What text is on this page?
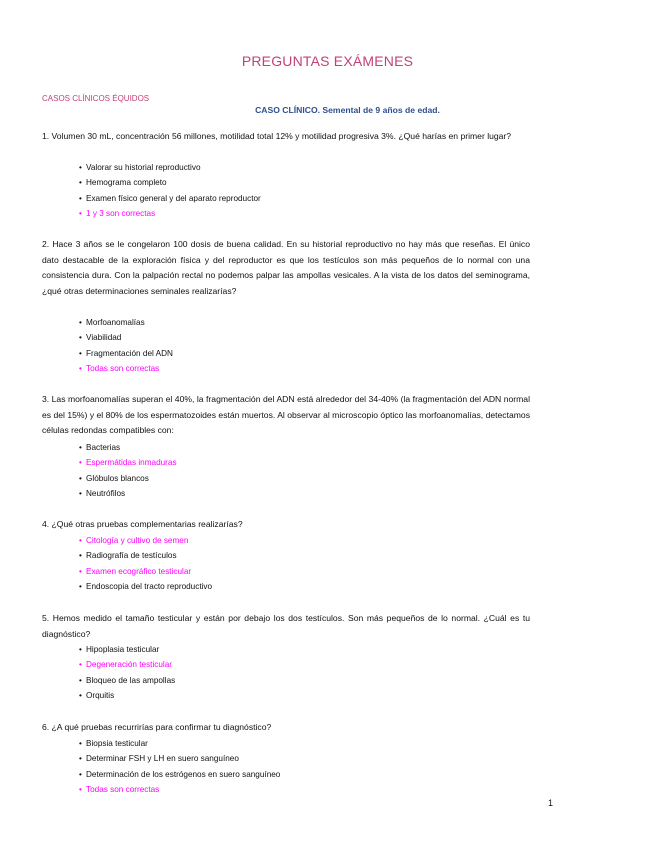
PREGUNTAS EXÁMENES
CASOS CLÍNICOS ÉQUIDOS
CASO CLÍNICO. Semental de 9 años de edad.
1. Volumen 30 mL, concentración 56 millones, motilidad total 12% y motilidad progresiva 3%. ¿Qué harías en primer lugar?
• Valorar su historial reproductivo
• Hemograma completo
• Examen físico general y del aparato reproductor
• 1 y 3 son correctas
2. Hace 3 años se le congelaron 100 dosis de buena calidad. En su historial reproductivo no hay más que reseñas. El único dato destacable de la exploración física y del reproductor es que los testículos son más pequeños de lo normal con una consistencia dura. Con la palpación rectal no podemos palpar las ampollas vesicales. A la vista de los datos del seminograma, ¿qué otras determinaciones seminales realizarías?
• Morfoanomalías
• Viabilidad
• Fragmentación del ADN
• Todas son correctas
3. Las morfoanomalías superan el 40%, la fragmentación del ADN está alrededor del 34-40% (la fragmentación del ADN normal es del 15%) y el 80% de los espermatozoides están muertos. Al observar al microscopio óptico las morfoanomalías, detectamos células redondas compatibles con:
• Bacterias
• Espermátidas inmaduras
• Glóbulos blancos
• Neutrófilos
4. ¿Qué otras pruebas complementarias realizarías?
• Citología y cultivo de semen
• Radiografía de testículos
• Examen ecográfico testicular
• Endoscopia del tracto reproductivo
5. Hemos medido el tamaño testicular y están por debajo los dos testículos. Son más pequeños de lo normal. ¿Cuál es tu diagnóstico?
• Hipoplasia testicular
• Degeneración testicular
• Bloqueo de las ampollas
• Orquitis
6. ¿A qué pruebas recurrirías para confirmar tu diagnóstico?
• Biopsia testicular
• Determinar FSH y LH en suero sanguíneo
• Determinación de los estrógenos en suero sanguíneo
• Todas son correctas
1
